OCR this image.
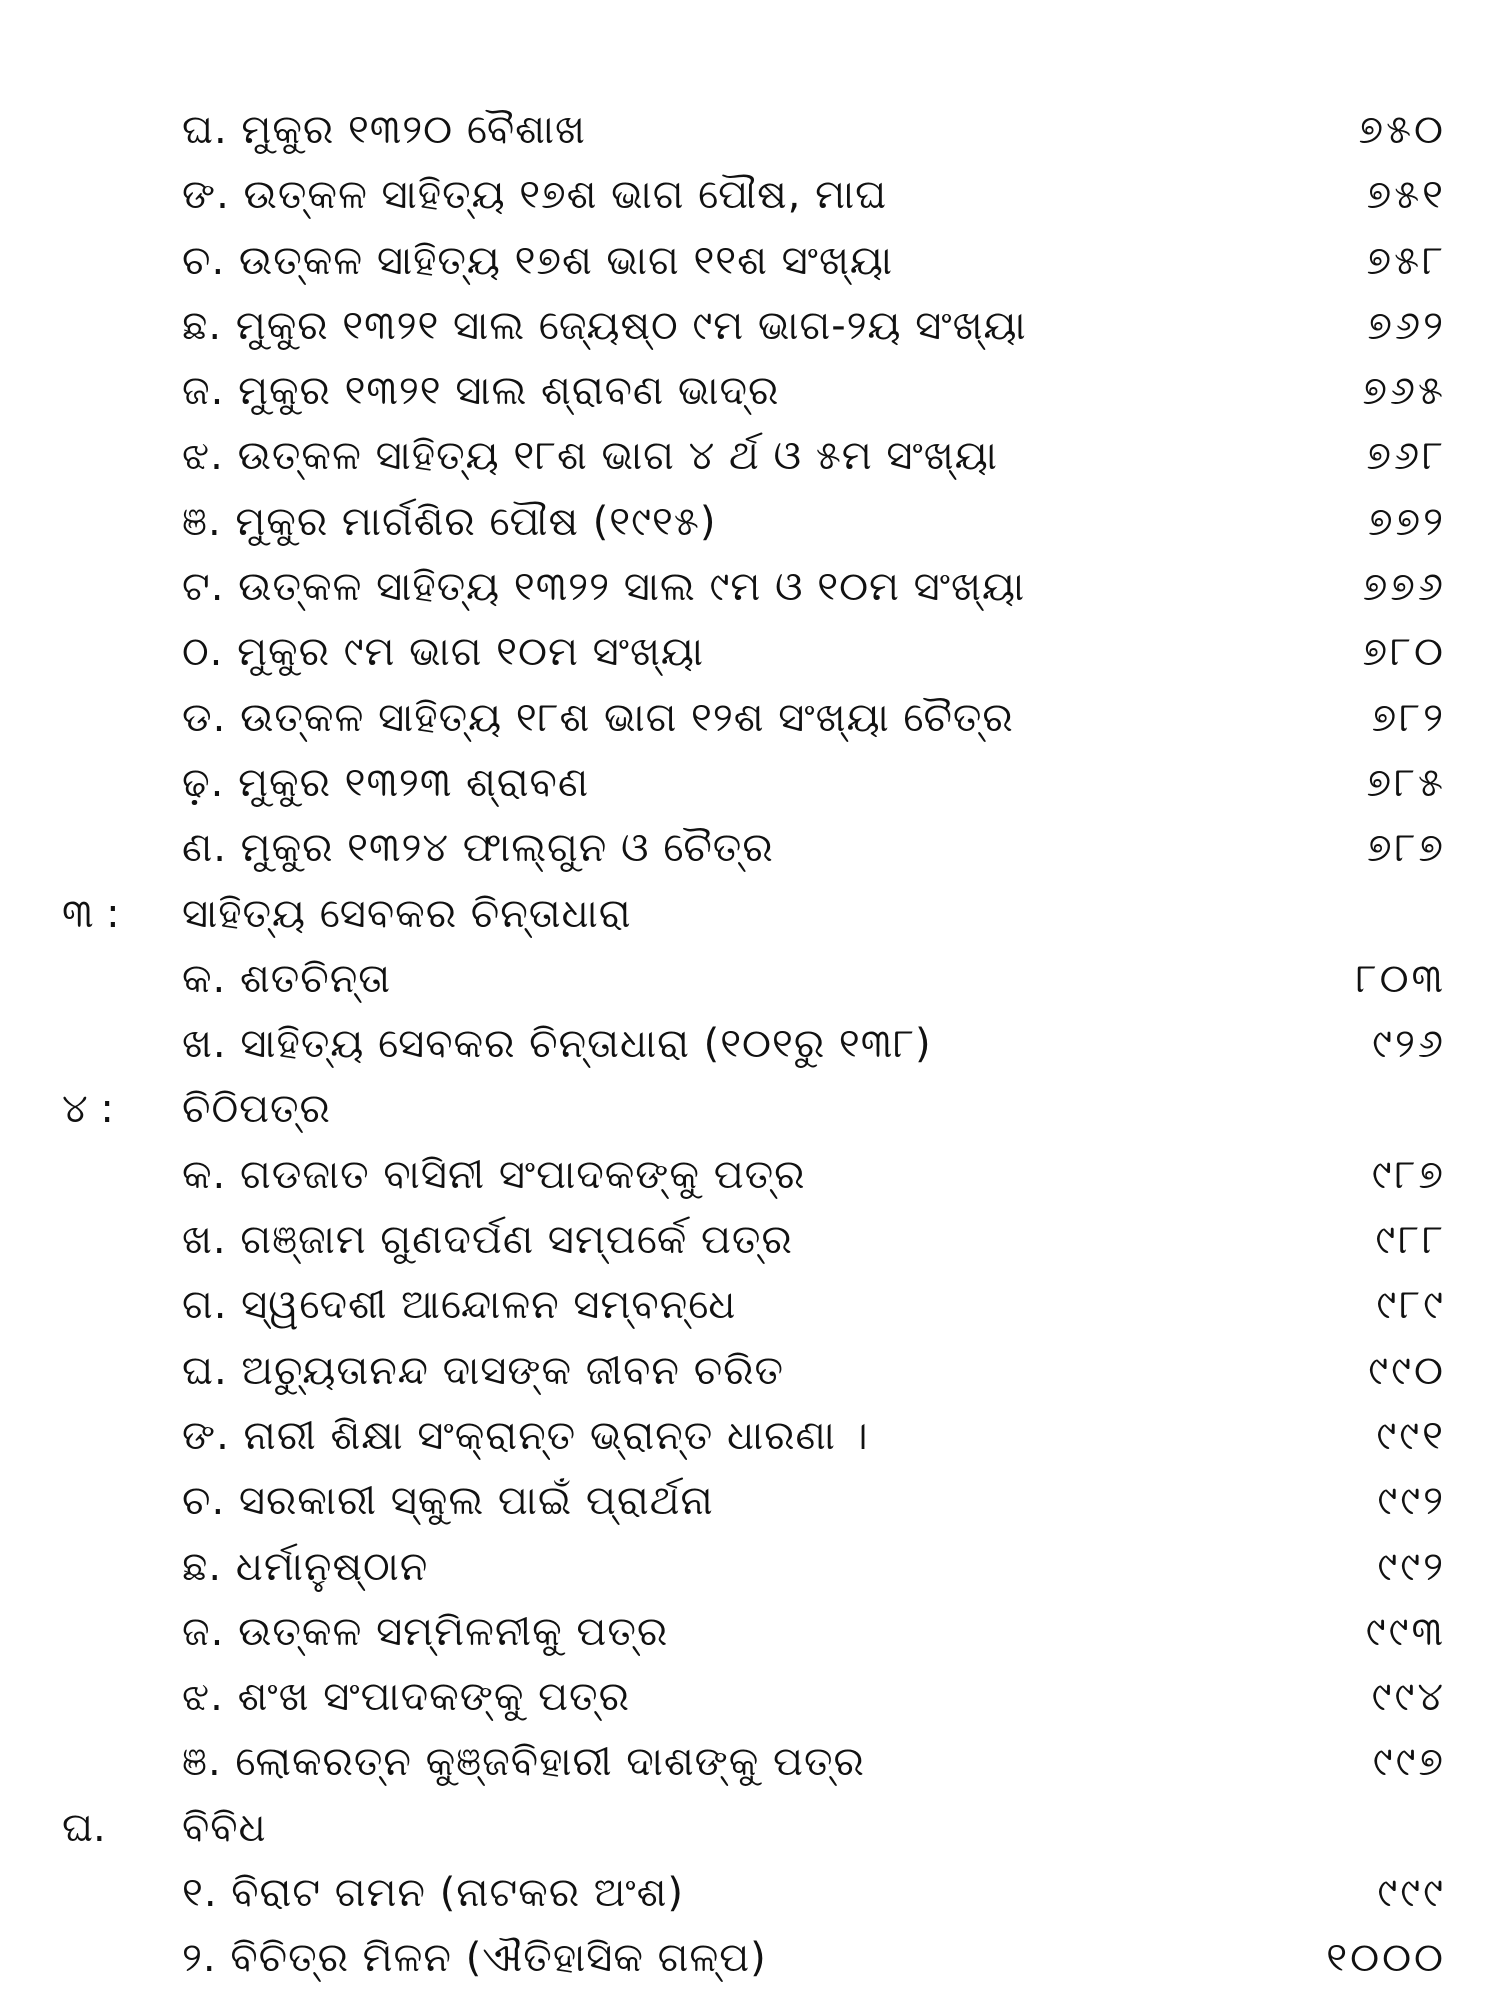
ଘ. ମୁକୁର ୧୩୨୦ ବୈଶାଖ	୭୫୦
ଙ. ଉତ୍କଳ ସାହିତ୍ୟ ୧୭ଶ ଭାଗ ପୌଷ, ମାଘ	୭୫୧
ଚ. ଉତ୍କଳ ସାହିତ୍ୟ ୧୭ଶ ଭାଗ ୧୧ଶ ସଂଖ୍ୟା	୭୫୮
ଛ. ମୁକୁର ୧୩୨୧ ସାଲ ଜ୍ୟେଷ୍ଠ ୯ମ ଭାଗ-୨ୟ ସଂଖ୍ୟା	୭୬୨
ଜ. ମୁକୁର ୧୩୨୧ ସାଲ ଶ୍ରାବଣ ଭାଦ୍ର	୭୬୫
ଝ. ଉତ୍କଳ ସାହିତ୍ୟ ୧୮ଶ ଭାଗ ୪ ର୍ଥ ଓ ୫ମ ସଂଖ୍ୟା	୭୬୮
ଞ. ମୁକୁର ମାର୍ଗଶିର ପୌଷ (୧୯୧୫)	୭୭୨
ଟ. ଉତ୍କଳ ସାହିତ୍ୟ ୧୩୨୨ ସାଲ ୯ମ ଓ ୧୦ମ ସଂଖ୍ୟା	୭୭୬
ଠ. ମୁକୁର ୯ମ ଭାଗ ୧୦ମ ସଂଖ୍ୟା	୭୮୦
ଡ. ଉତ୍କଳ ସାହିତ୍ୟ ୧୮ଶ ଭାଗ ୧୨ଶ ସଂଖ୍ୟା ଚୈତ୍ର	୭୮୨
ଢ଼. ମୁକୁର ୧୩୨୩ ଶ୍ରାବଣ	୭୮୫
ଣ. ମୁକୁର ୧୩୨୪ ଫାଲ୍‌ଗୁନ ଓ ଚୈତ୍ର	୭୮୭
୩ : ସାହିତ୍ୟ ସେବକର ଚିନ୍ତାଧାରା
କ. ଶତଚିନ୍ତା	୮୦୩
ଖ. ସାହିତ୍ୟ ସେବକର ଚିନ୍ତାଧାରା (୧୦୧ରୁ ୧୩୮)	୯୨୬
୪ : ଚିଠିପତ୍ର
କ. ଗଡଜାତ ବାସିନୀ ସଂପାଦକଙ୍କୁ ପତ୍ର	୯୮୭
ଖ. ଗଞ୍ଜାମ ଗୁଣଦର୍ପଣ ସମ୍ପର୍କେ ପତ୍ର	୯୮୮
ଗ. ସ୍ୱଦେଶୀ ଆନ୍ଦୋଳନ ସମ୍ବନ୍ଧେ	୯୮୯
ଘ. ଅଚ୍ୟୁତାନନ୍ଦ ଦାସଙ୍କ ଜୀବନ ଚରିତ	୯୯୦
ଙ. ନାରୀ ଶିକ୍ଷା ସଂକ୍ରାନ୍ତ ଭ୍ରାନ୍ତ ଧାରଣା ।	୯୯୧
ଚ. ସରକାରୀ ସ୍କୁଲ ପାଇଁ ପ୍ରାର୍ଥନା	୯୯୨
ଛ. ଧର୍ମାନୁଷ୍ଠାନ	୯୯୨
ଜ. ଉତ୍କଳ ସମ୍ମିଳନୀକୁ ପତ୍ର	୯୯୩
ଝ. ଶଂଖ ସଂପାଦକଙ୍କୁ ପତ୍ର	୯୯୪
ଞ. ଲୋକରତ୍ନ କୁଞ୍ଜବିହାରୀ ଦାଶଙ୍କୁ ପତ୍ର	୯୯୭
ଘ. ବିବିଧ
୧. ବିରାଟ ଗମନ (ନାଟକର ଅଂଶ)	୯୯୯
୨. ବିଚିତ୍ର ମିଳନ (ଐତିହାସିକ ଗଳ୍ପ)	୧୦୦୦
